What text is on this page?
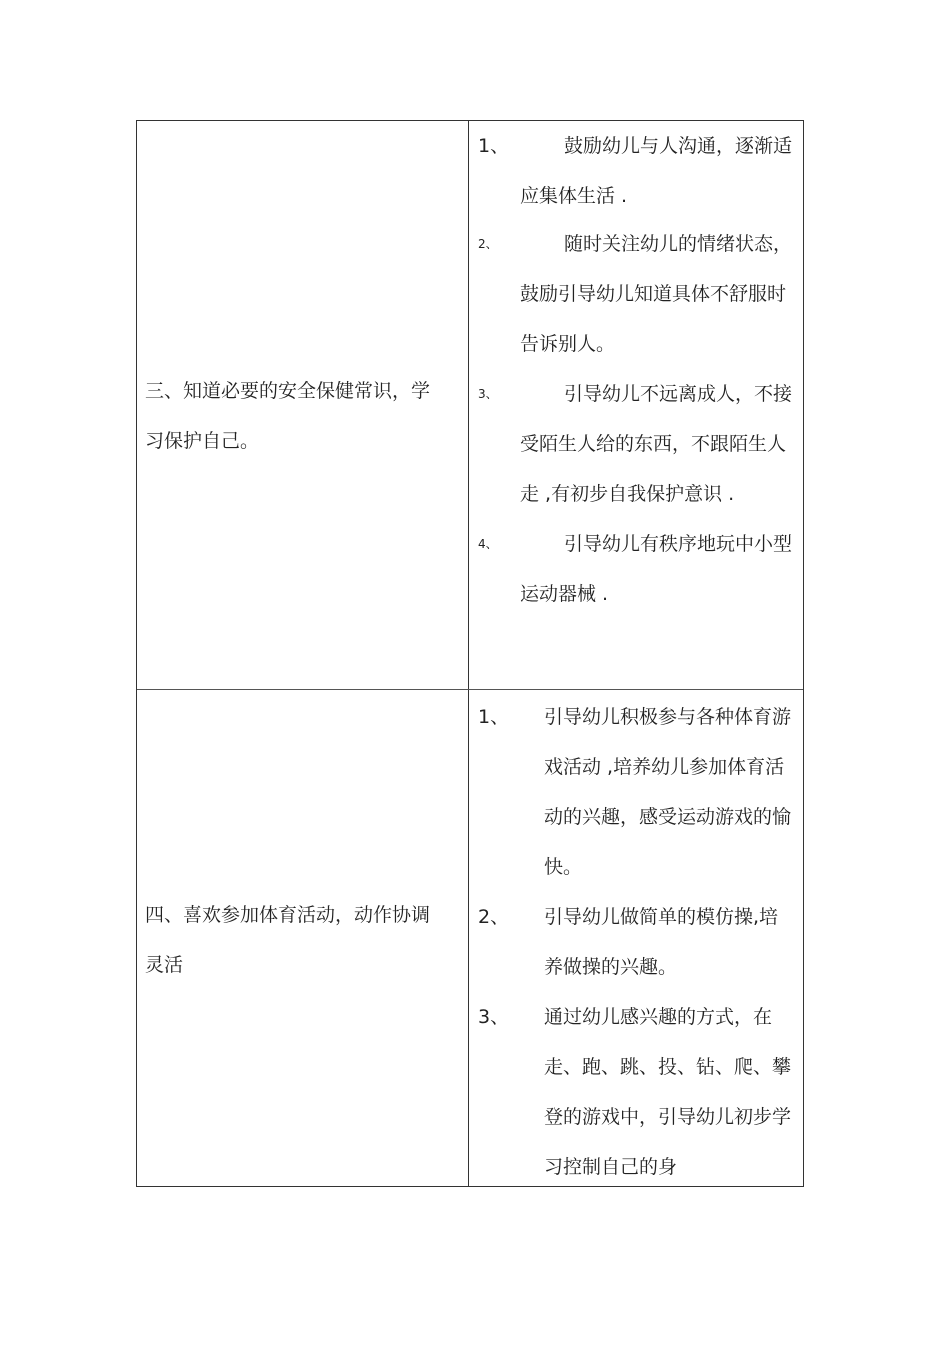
三、知道必要的安全保健常识，学习保护自己。
1、	鼓励幼儿与人沟通，逐渐适应集体生活 .
2、	随时关注幼儿的情绪状态，鼓励引导幼儿知道具体不舒服时告诉别人。
3、	引导幼儿不远离成人，不接受陌生人给的东西，不跟陌生人走 ,有初步自我保护意识 .
4、	引导幼儿有秩序地玩中小型运动器械 .
四、喜欢参加体育活动，动作协调灵活
1、	引导幼儿积极参与各种体育游戏活动 ,培养幼儿参加体育活动的兴趣，感受运动游戏的愉快。
2、	引导幼儿做简单的模仿操,培养做操的兴趣。
3、	通过幼儿感兴趣的方式，在走、跑、跳、投、钻、爬、攀登的游戏中，引导幼儿初步学习控制自己的身
